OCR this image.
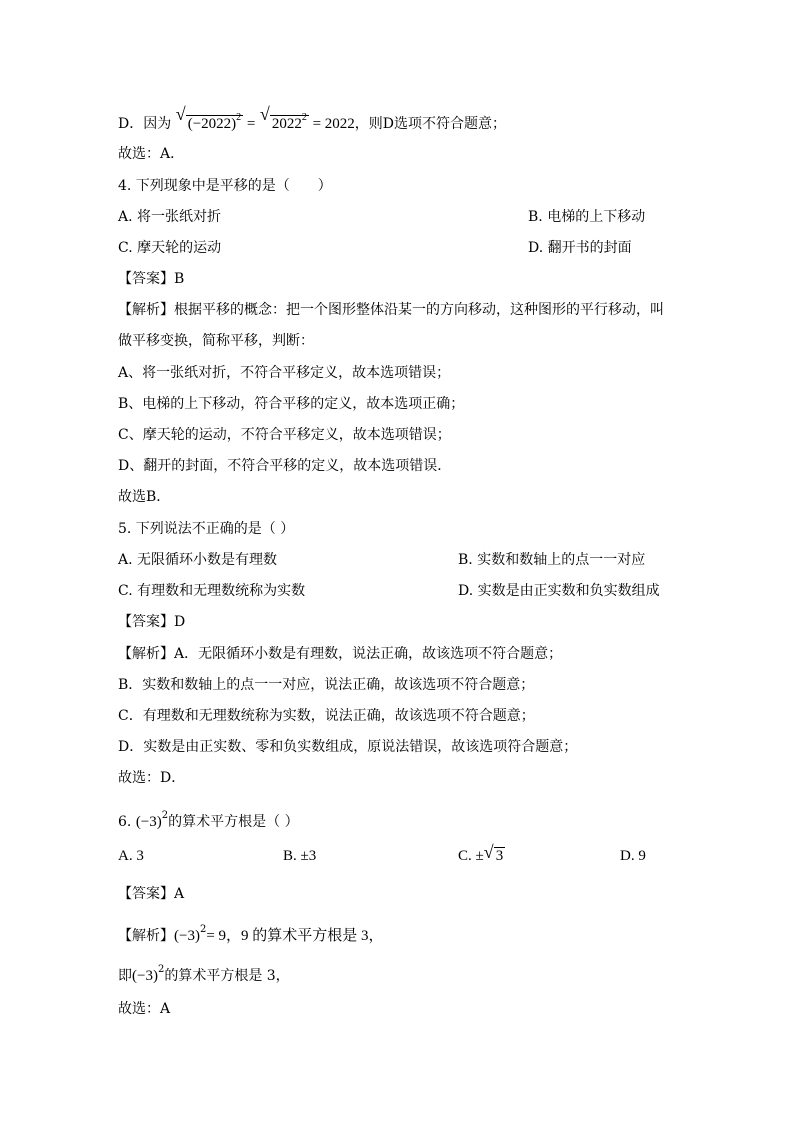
D．因为 √ $(-2022)^2$ = √ $2022^2 = 2022$，则D选项不符合题意；
故选：A．
4. 下列现象中是平移的是（　　）
A. 将一张纸对折	B. 电梯的上下移动
C. 摩天轮的运动	D. 翻开书的封面
【答案】B
【解析】根据平移的概念：把一个图形整体沿某一的方向移动，这种图形的平行移动，叫
做平移变换，简称平移，判断：
A、将一张纸对折，不符合平移定义，故本选项错误；
B、电梯的上下移动，符合平移的定义，故本选项正确；
C、摩天轮的运动，不符合平移定义，故本选项错误；
D、翻开的封面，不符合平移的定义，故本选项错误．
故选B．
5. 下列说法不正确的是（ ）
A. 无限循环小数是有理数	B. 实数和数轴上的点一一对应
C. 有理数和无理数统称为实数	D. 实数是由正实数和负实数组成
【答案】D
【解析】A．无限循环小数是有理数，说法正确，故该选项不符合题意；
B．实数和数轴上的点一一对应，说法正确，故该选项不符合题意；
C．有理数和无理数统称为实数，说法正确，故该选项不符合题意；
D．实数是由正实数、零和负实数组成，原说法错误，故该选项符合题意；
故选：D．
6. $(-3)^2$的算术平方根是（ ）
A. 3	B. ±3	C. ± √ 3	D. 9
【答案】A
【解析】$(-3)^2= 9$，9 的算术平方根是 3，
即$(-3)^2$的算术平方根是 3，
故选：A
